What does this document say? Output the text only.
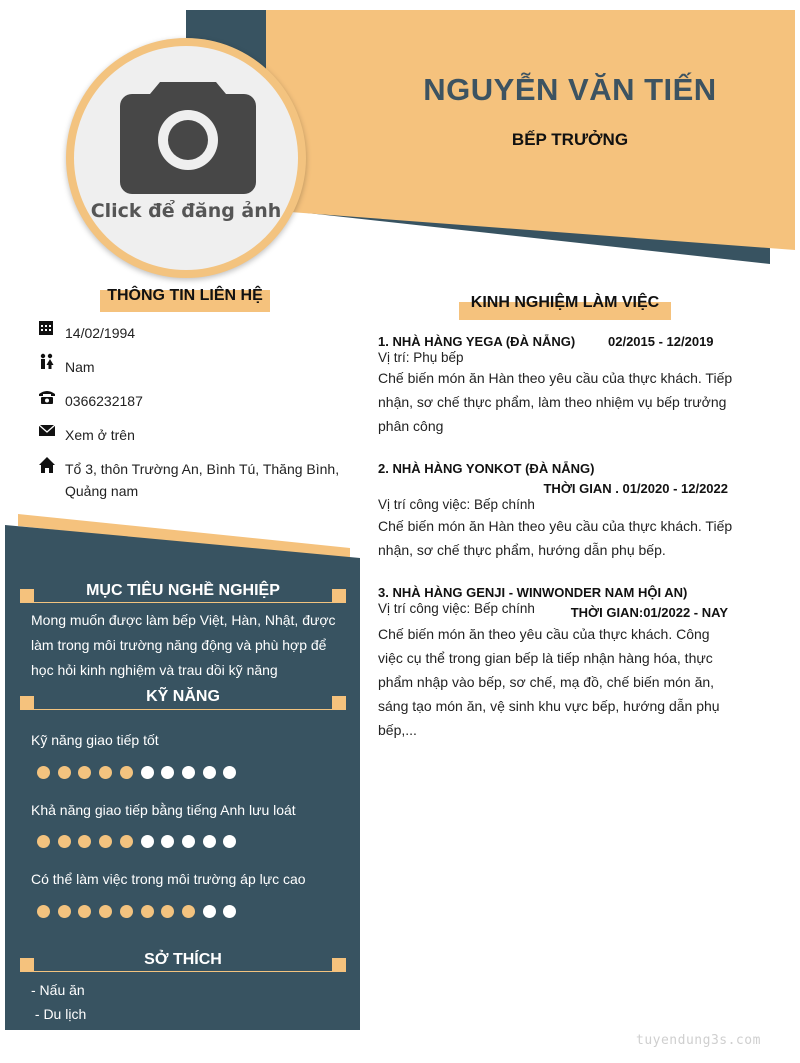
Click để đăng ảnh
NGUYỄN VĂN TIẾN
BẾP TRƯỞNG
THÔNG TIN LIÊN HỆ
14/02/1994
Nam
0366232187
Xem ở trên
Tổ 3, thôn Trường An, Bình Tú, Thăng Bình,
Quảng nam
MỤC TIÊU NGHỀ NGHIỆP
Mong muốn được làm bếp Việt, Hàn, Nhật, được
làm trong môi trường năng động và phù hợp để
học hỏi kinh nghiệm và trau dồi kỹ năng
KỸ NĂNG
Kỹ năng giao tiếp tốt
Khả năng giao tiếp bằng tiếng Anh lưu loát
Có thể làm việc trong môi trường áp lực cao
SỞ THÍCH
- Nấu ăn
- Du lịch
KINH NGHIỆM LÀM VIỆC
1. NHÀ HÀNG YEGA (ĐÀ NẴNG)	02/2015 - 12/2019
Vị trí: Phụ bếp
Chế biến món ăn Hàn theo yêu cầu của thực khách. Tiếp
nhận, sơ chế thực phẩm, làm theo nhiệm vụ bếp trưởng
phân công
2. NHÀ HÀNG YONKOT (ĐÀ NẴNG)
THỜI GIAN . 01/2020 - 12/2022
Vị trí công việc: Bếp chính
Chế biến món ăn Hàn theo yêu cầu của thực khách. Tiếp
nhận, sơ chế thực phẩm, hướng dẫn phụ bếp.
3. NHÀ HÀNG GENJI - WINWONDER NAM HỘI AN)
Vị trí công việc: Bếp chính	THỜI GIAN:01/2022 - NAY
Chế biến món ăn theo yêu cầu của thực khách. Công
việc cụ thể trong gian bếp là tiếp nhận hàng hóa, thực
phẩm nhập vào bếp, sơ chế, mạ đồ, chế biến món ăn,
sáng tạo món ăn, vệ sinh khu vực bếp, hướng dẫn phụ
bếp,...
tuyendung3s.com
